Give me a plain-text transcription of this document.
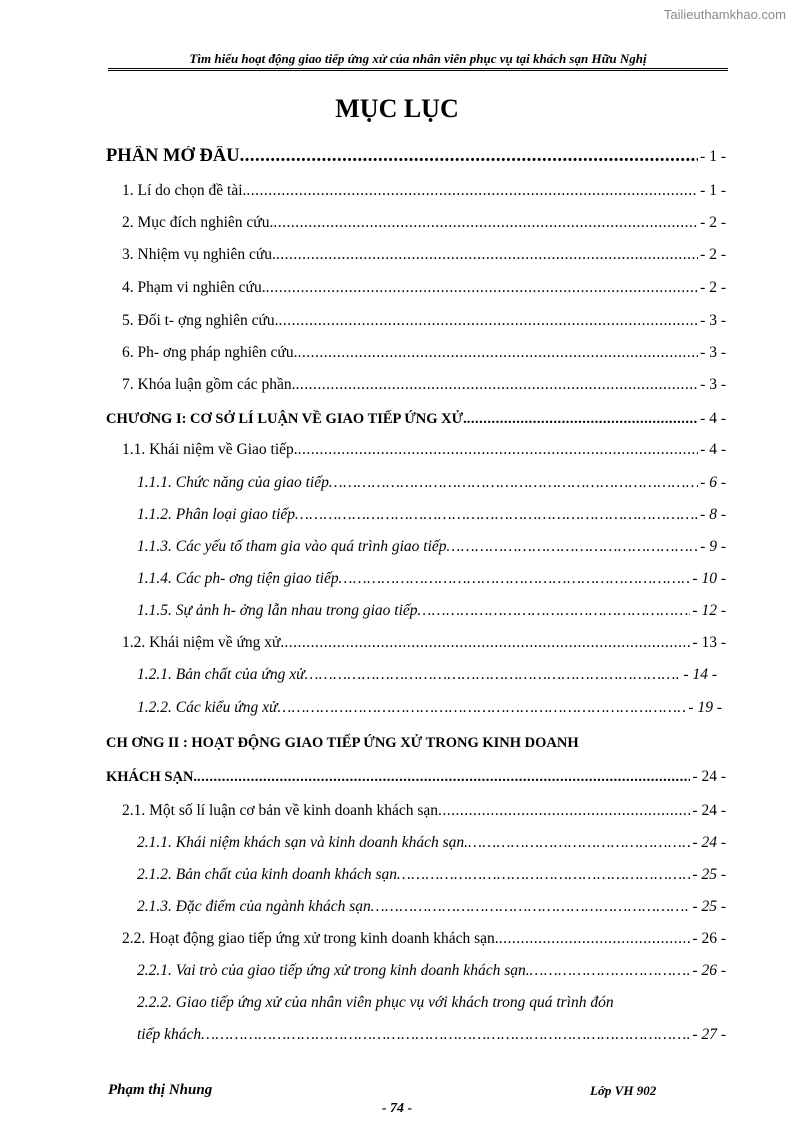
Tailieuthamkhao.com
Tìm hiểu hoạt động giao tiếp ứng xử của nhân viên phục vụ tại khách sạn Hữu Nghị
MỤC LỤC
PHẦN MỞ ĐẦU .....	- 1 -
1. Lí do chọn đề tài. .....	- 1 -
2. Mục đích nghiên cứu. .....	- 2 -
3. Nhiệm vụ nghiên cứu. .....	- 2 -
4. Phạm vi nghiên cứu. .....	- 2 -
5. Đối t- ợng nghiên cứu. .....	- 3 -
6. Ph- ơng pháp nghiên cứu. .....	- 3 -
7. Khóa luận gồm các phần. .....	- 3 -
CHƯƠNG I: CƠ SỞ LÍ LUẬN VỀ GIAO TIẾP ỨNG XỬ. .....	- 4 -
1.1. Khái niệm về Giao tiếp. .....	- 4 -
1.1.1. Chức năng của giao tiếp ……………………………………………………………………………………………………………………………………………………………………………………………………………………	- 6 -
1.1.2. Phân loại giao tiếp ……………………………………………………………………………………………………………………………………………………………………………………………………………………	- 8 -
1.1.3. Các yếu tố tham gia vào quá trình giao tiếp ……………………………………………………………………………………………………………………………………………………………………………………………………………………	- 9 -
1.1.4. Các ph- ơng tiện giao tiếp ……………………………………………………………………………………………………………………………………………………………………………………………………………………	- 10 -
1.1.5. Sự ảnh h- ởng lẫn nhau trong giao tiếp ……………………………………………………………………………………………………………………………………………………………………………………………………………………	- 12 -
1.2. Khái niệm về ứng xử. .....	- 13 -
1.2.1. Bản chất của ứng xử ……………………………………………………………………………………………………………………………………………………………………………………………………………………	- 14 -
1.2.2. Các kiểu ứng xử ……………………………………………………………………………………………………………………………………………………………………………………………………………………	- 19 -
CH ƠNG II : HOẠT ĐỘNG GIAO TIẾP ỨNG XỬ TRONG KINH DOANH
KHÁCH SẠN. .....	- 24 -
2.1. Một số lí luận cơ bản về kinh doanh khách sạn .....	- 24 -
2.1.1. Khái niệm khách sạn và kinh doanh khách sạn. ……………………………………………………………………………………………………………………………………………………………………………………………………………………	- 24 -
2.1.2. Bản chất của kinh doanh khách sạn ……………………………………………………………………………………………………………………………………………………………………………………………………………………	- 25 -
2.1.3. Đặc điểm của ngành khách sạn ……………………………………………………………………………………………………………………………………………………………………………………………………………………	- 25 -
2.2. Hoạt động giao tiếp ứng xử trong kinh doanh khách sạn. .....	- 26 -
2.2.1. Vai trò của giao tiếp ứng xử trong kinh doanh khách sạn. ……………………………………………………………………………………………………………………………………………………………………………………………………………………	- 26 -
2.2.2. Giao tiếp ứng xử của nhân viên phục vụ với khách trong quá trình đón
tiếp khách ……………………………………………………………………………………………………………………………………………………………………………………………………………………	- 27 -
Phạm thị Nhung	Lớp VH 902
- 74 -
